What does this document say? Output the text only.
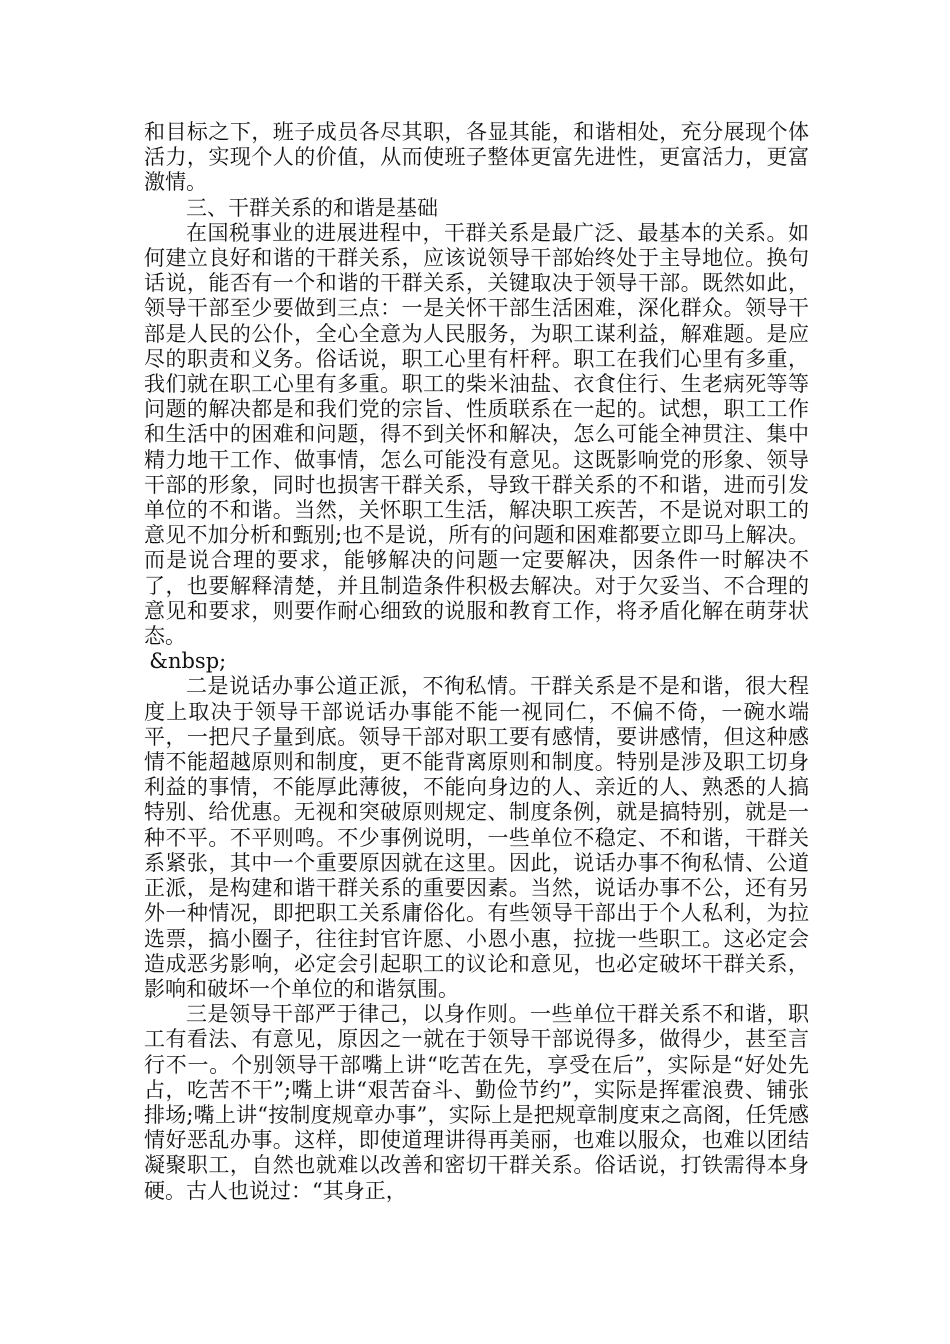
和目标之下，班子成员各尽其职，各显其能，和谐相处，充分展现个体活力，实现个人的价值，从而使班子整体更富先进性，更富活力，更富激情。

三、干群关系的和谐是基础

在国税事业的进展进程中，干群关系是最广泛、最基本的关系。如何建立良好和谐的干群关系，应该说领导干部始终处于主导地位。换句话说，能否有一个和谐的干群关系，关键取决于领导干部。既然如此，领导干部至少要做到三点：一是关怀干部生活困难，深化群众。领导干部是人民的公仆，全心全意为人民服务，为职工谋利益，解难题。是应尽的职责和义务。俗话说，职工心里有杆秤。职工在我们心里有多重，我们就在职工心里有多重。职工的柴米油盐、衣食住行、生老病死等等问题的解决都是和我们党的宗旨、性质联系在一起的。试想，职工工作和生活中的困难和问题，得不到关怀和解决，怎么可能全神贯注、集中精力地干工作、做事情，怎么可能没有意见。这既影响党的形象、领导干部的形象，同时也损害干群关系，导致干群关系的不和谐，进而引发单位的不和谐。当然，关怀职工生活，解决职工疾苦，不是说对职工的意见不加分析和甄别;也不是说，所有的问题和困难都要立即马上解决。而是说合理的要求，能够解决的问题一定要解决，因条件一时解决不了，也要解释清楚，并且制造条件积极去解决。对于欠妥当、不合理的意见和要求，则要作耐心细致的说服和教育工作，将矛盾化解在萌芽状态。

&nbsp;

二是说话办事公道正派，不徇私情。干群关系是不是和谐，很大程度上取决于领导干部说话办事能不能一视同仁，不偏不倚，一碗水端平，一把尺子量到底。领导干部对职工要有感情，要讲感情，但这种感情不能超越原则和制度，更不能背离原则和制度。特别是涉及职工切身利益的事情，不能厚此薄彼，不能向身边的人、亲近的人、熟悉的人搞特别、给优惠。无视和突破原则规定、制度条例，就是搞特别，就是一种不平。不平则鸣。不少事例说明，一些单位不稳定、不和谐，干群关系紧张，其中一个重要原因就在这里。因此，说话办事不徇私情、公道正派，是构建和谐干群关系的重要因素。当然，说话办事不公，还有另外一种情况，即把职工关系庸俗化。有些领导干部出于个人私利，为拉选票，搞小圈子，往往封官许愿、小恩小惠，拉拢一些职工。这必定会造成恶劣影响，必定会引起职工的议论和意见，也必定破坏干群关系，影响和破坏一个单位的和谐氛围。

三是领导干部严于律己，以身作则。一些单位干群关系不和谐，职工有看法、有意见，原因之一就在于领导干部说得多，做得少，甚至言行不一。个别领导干部嘴上讲“吃苦在先，享受在后”，实际是“好处先占，吃苦不干”;嘴上讲“艰苦奋斗、勤俭节约”，实际是挥霍浪费、铺张排场;嘴上讲“按制度规章办事”，实际上是把规章制度束之高阁，任凭感情好恶乱办事。这样，即使道理讲得再美丽，也难以服众，也难以团结凝聚职工，自然也就难以改善和密切干群关系。俗话说，打铁需得本身硬。古人也说过：“其身正，
